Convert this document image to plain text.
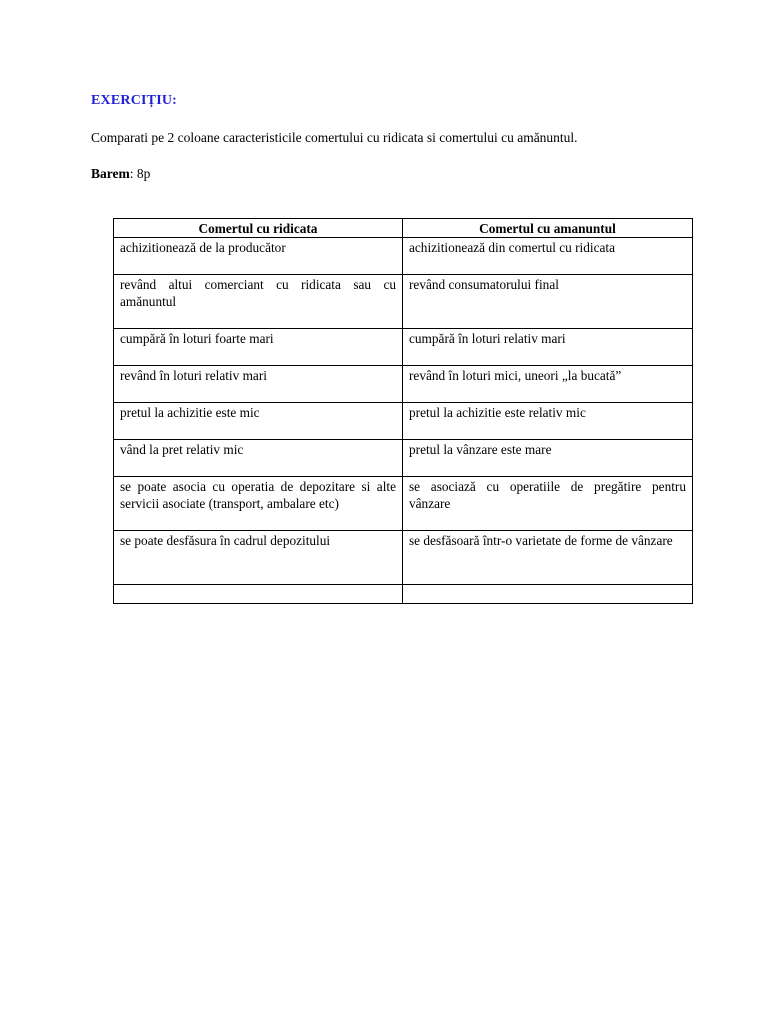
EXERCIȚIU:
Comparati pe 2 coloane caracteristicile comertului cu ridicata si comertului cu amănuntul.
Barem: 8p
Comertul cu ridicata	Comertul cu amanuntul
achizitionează de la producător	achizitionează din comertul cu ridicata
revând altui comerciant cu ridicata sau cu amănuntul	revând consumatorului final
cumpără în loturi foarte mari	cumpără în loturi relativ mari
revând în loturi relativ mari	revând în loturi mici, uneori „la bucată”
pretul la achizitie este mic	pretul la achizitie este relativ mic
vând la pret relativ mic	pretul la vânzare este mare
se poate asocia cu operatia de depozitare si alte servicii asociate (transport, ambalare etc)	se asociază cu operatiile de pregătire pentru vânzare
se poate desfăsura în cadrul depozitului	se desfăsoară într-o varietate de forme de vânzare
